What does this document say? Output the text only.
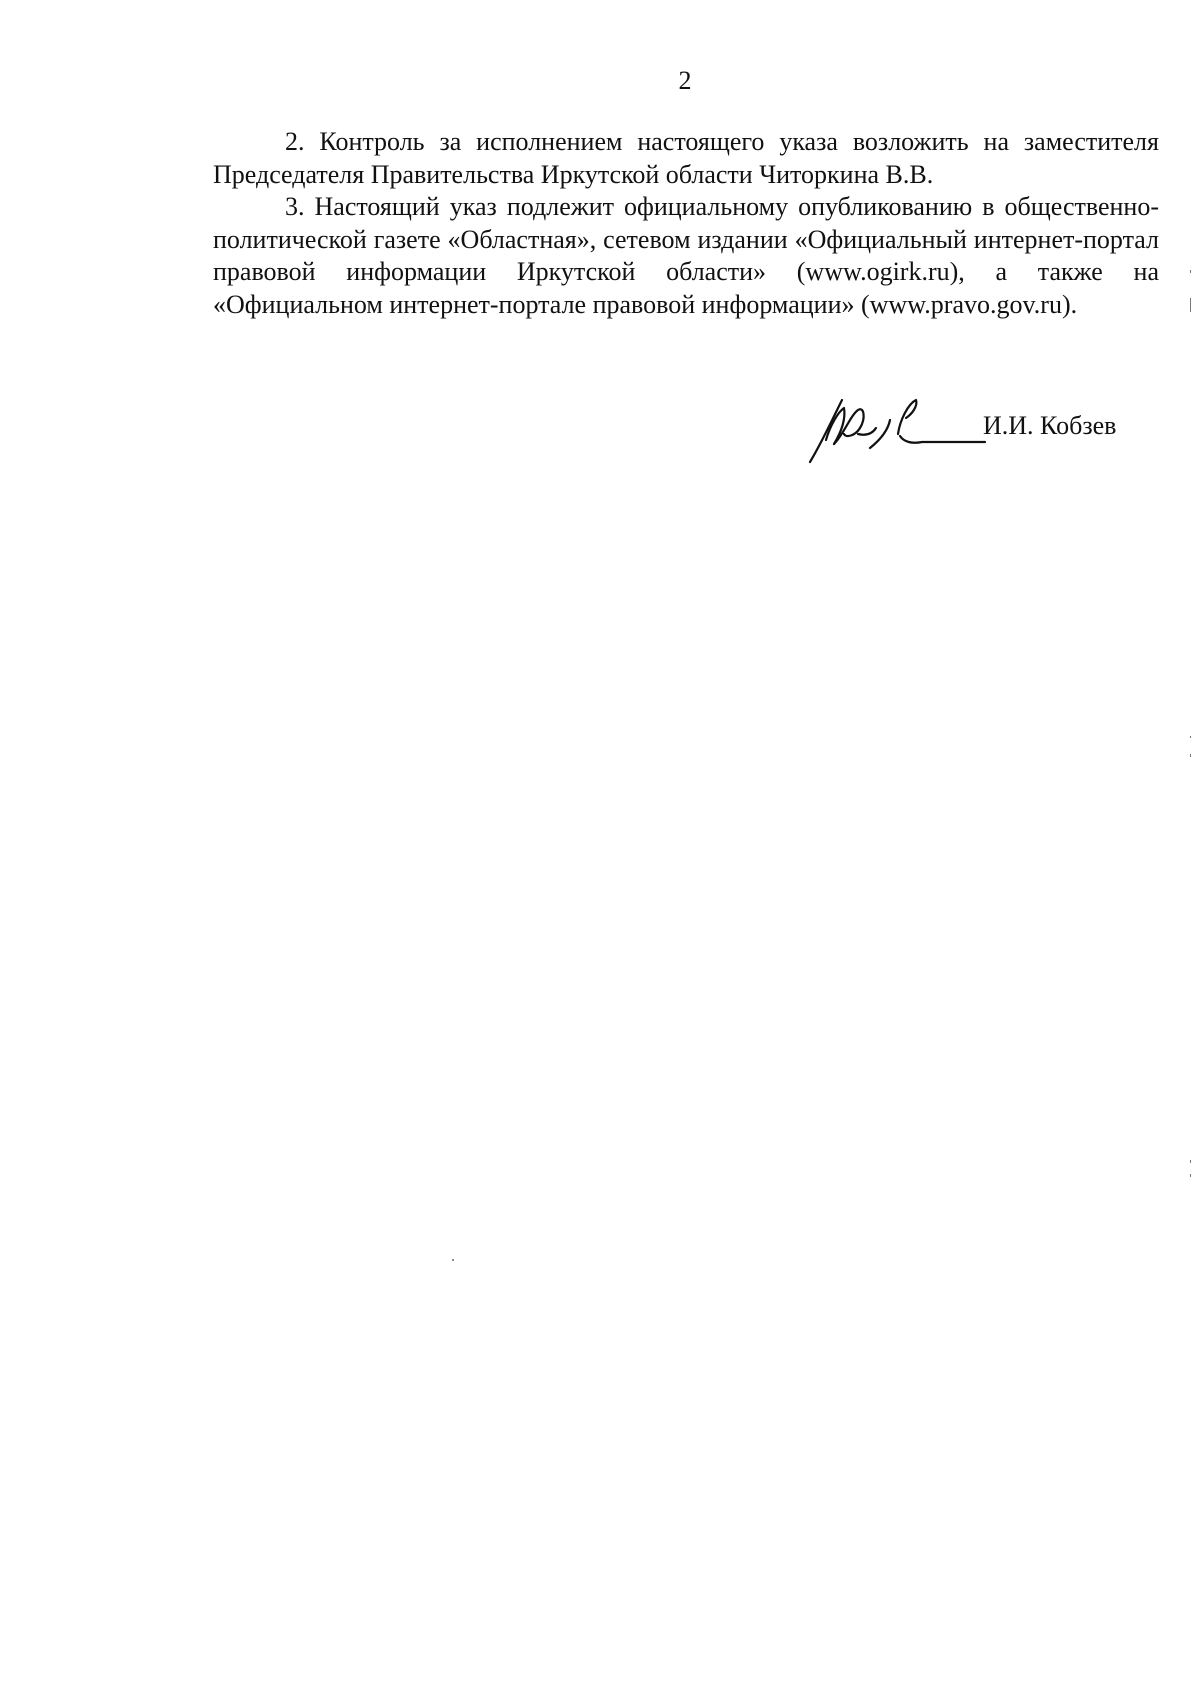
2

2. Контроль за исполнением настоящего указа возложить на заместителя Председателя Правительства Иркутской области Читоркина В.В.

3. Настоящий указ подлежит официальному опубликованию в общественно-политической газете «Областная», сетевом издании «Официальный интернет-портал правовой информации Иркутской области» (www.ogirk.ru), а также на «Официальном интернет-портале правовой информации» (www.pravo.gov.ru).

И.И. Кобзев
